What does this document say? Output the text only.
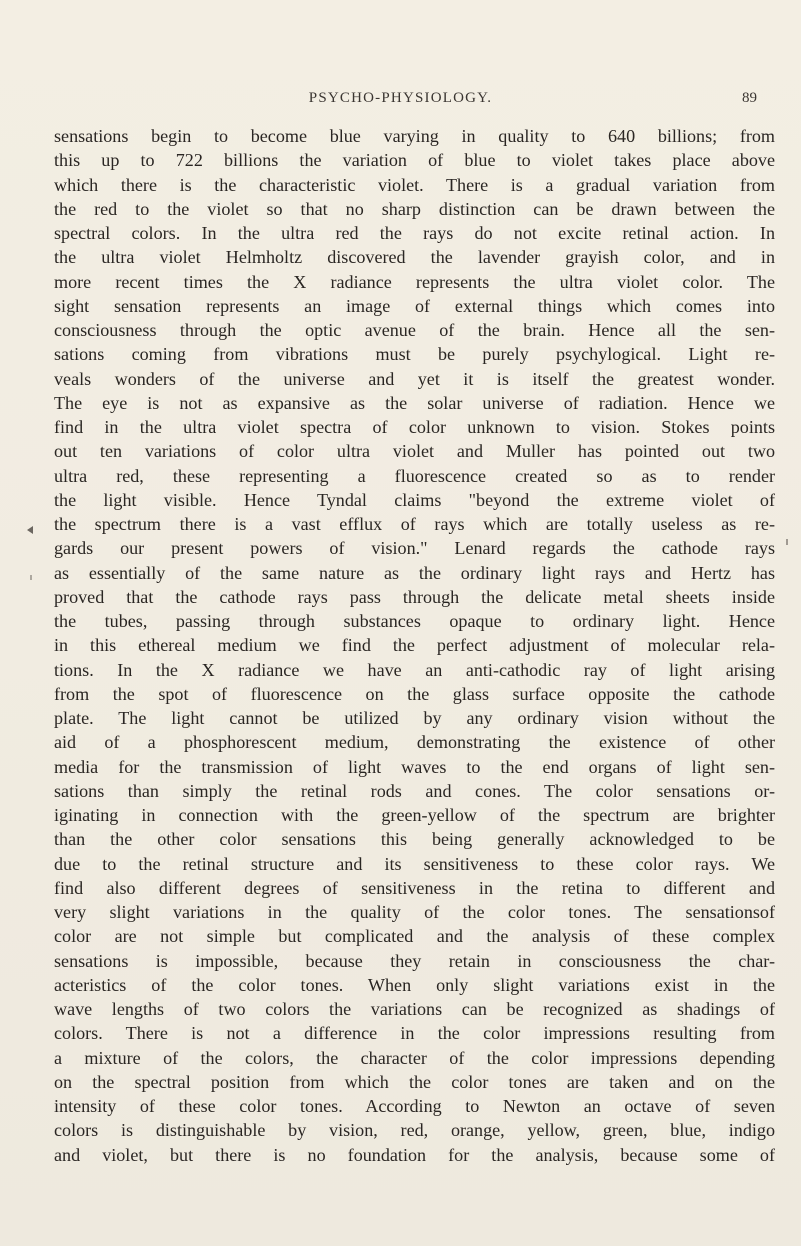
PSYCHO-PHYSIOLOGY.	89
sensations begin to become blue varying in quality to 640 billions; from
this up to 722 billions the variation of blue to violet takes place above
which there is the characteristic violet. There is a gradual variation from
the red to the violet so that no sharp distinction can be drawn between the
spectral colors. In the ultra red the rays do not excite retinal action. In
the ultra violet Helmholtz discovered the lavender grayish color, and in
more recent times the X radiance represents the ultra violet color. The
sight sensation represents an image of external things which comes into
consciousness through the optic avenue of the brain. Hence all the sen-
sations coming from vibrations must be purely psychylogical. Light re-
veals wonders of the universe and yet it is itself the greatest wonder.
The eye is not as expansive as the solar universe of radiation. Hence we
find in the ultra violet spectra of color unknown to vision. Stokes points
out ten variations of color ultra violet and Muller has pointed out two
ultra red, these representing a fluorescence created so as to render
the light visible. Hence Tyndal claims "beyond the extreme violet of
the spectrum there is a vast efflux of rays which are totally useless as re-
gards our present powers of vision." Lenard regards the cathode rays
as essentially of the same nature as the ordinary light rays and Hertz has
proved that the cathode rays pass through the delicate metal sheets inside
the tubes, passing through substances opaque to ordinary light. Hence
in this ethereal medium we find the perfect adjustment of molecular rela-
tions. In the X radiance we have an anti-cathodic ray of light arising
from the spot of fluorescence on the glass surface opposite the cathode
plate. The light cannot be utilized by any ordinary vision without the
aid of a phosphorescent medium, demonstrating the existence of other
media for the transmission of light waves to the end organs of light sen-
sations than simply the retinal rods and cones. The color sensations or-
iginating in connection with the green-yellow of the spectrum are brighter
than the other color sensations this being generally acknowledged to be
due to the retinal structure and its sensitiveness to these color rays. We
find also different degrees of sensitiveness in the retina to different and
very slight variations in the quality of the color tones. The sensationsof
color are not simple but complicated and the analysis of these complex
sensations is impossible, because they retain in consciousness the char-
acteristics of the color tones. When only slight variations exist in the
wave lengths of two colors the variations can be recognized as shadings of
colors. There is not a difference in the color impressions resulting from
a mixture of the colors, the character of the color impressions depending
on the spectral position from which the color tones are taken and on the
intensity of these color tones. According to Newton an octave of seven
colors is distinguishable by vision, red, orange, yellow, green, blue, indigo
and violet, but there is no foundation for the analysis, because some of
